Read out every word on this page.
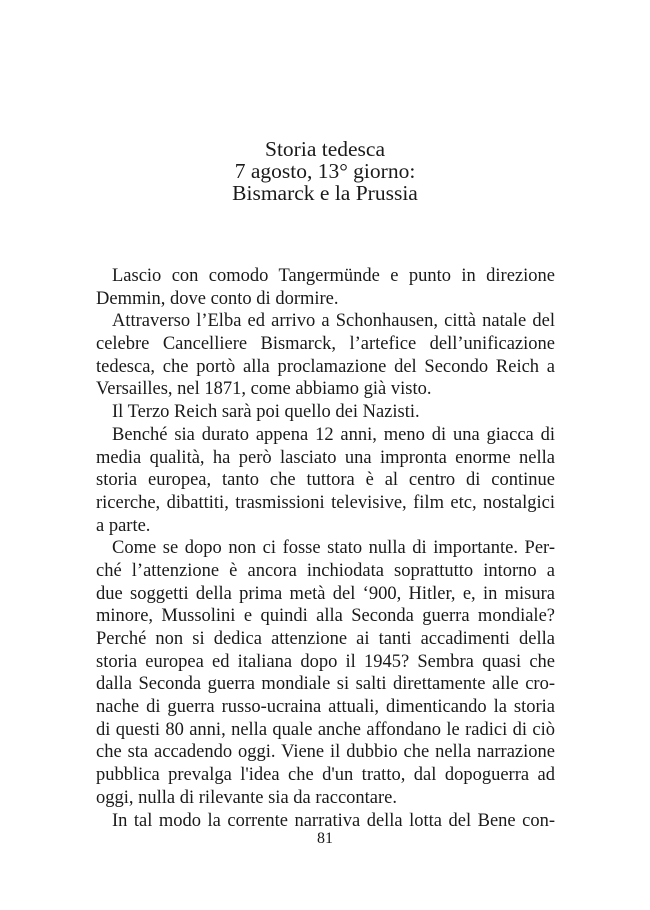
Storia tedesca
7 agosto, 13° giorno:
Bismarck e la Prussia
Lascio con comodo Tangermünde e punto in direzione
Demmin, dove conto di dormire.
Attraverso l’Elba ed arrivo a Schonhausen, città natale del
celebre Cancelliere Bismarck, l’artefice dell’unificazione
tedesca, che portò alla proclamazione del Secondo Reich a
Versailles, nel 1871, come abbiamo già visto.
Il Terzo Reich sarà poi quello dei Nazisti.
Benché sia durato appena 12 anni, meno di una giacca di
media qualità, ha però lasciato una impronta enorme nella
storia europea, tanto che tuttora è al centro di continue
ricerche, dibattiti, trasmissioni televisive, film etc, nostalgici
a parte.
Come se dopo non ci fosse stato nulla di importante. Per-
ché l’attenzione è ancora inchiodata soprattutto intorno a
due soggetti della prima metà del ‘900, Hitler, e, in misura
minore, Mussolini e quindi alla Seconda guerra mondiale?
Perché non si dedica attenzione ai tanti accadimenti della
storia europea ed italiana dopo il 1945? Sembra quasi che
dalla Seconda guerra mondiale si salti direttamente alle cro-
nache di guerra russo-ucraina attuali, dimenticando la storia
di questi 80 anni, nella quale anche affondano le radici di ciò
che sta accadendo oggi. Viene il dubbio che nella narrazione
pubblica prevalga l'idea che d'un tratto, dal dopoguerra ad
oggi, nulla di rilevante sia da raccontare.
In tal modo la corrente narrativa della lotta del Bene con-

81
